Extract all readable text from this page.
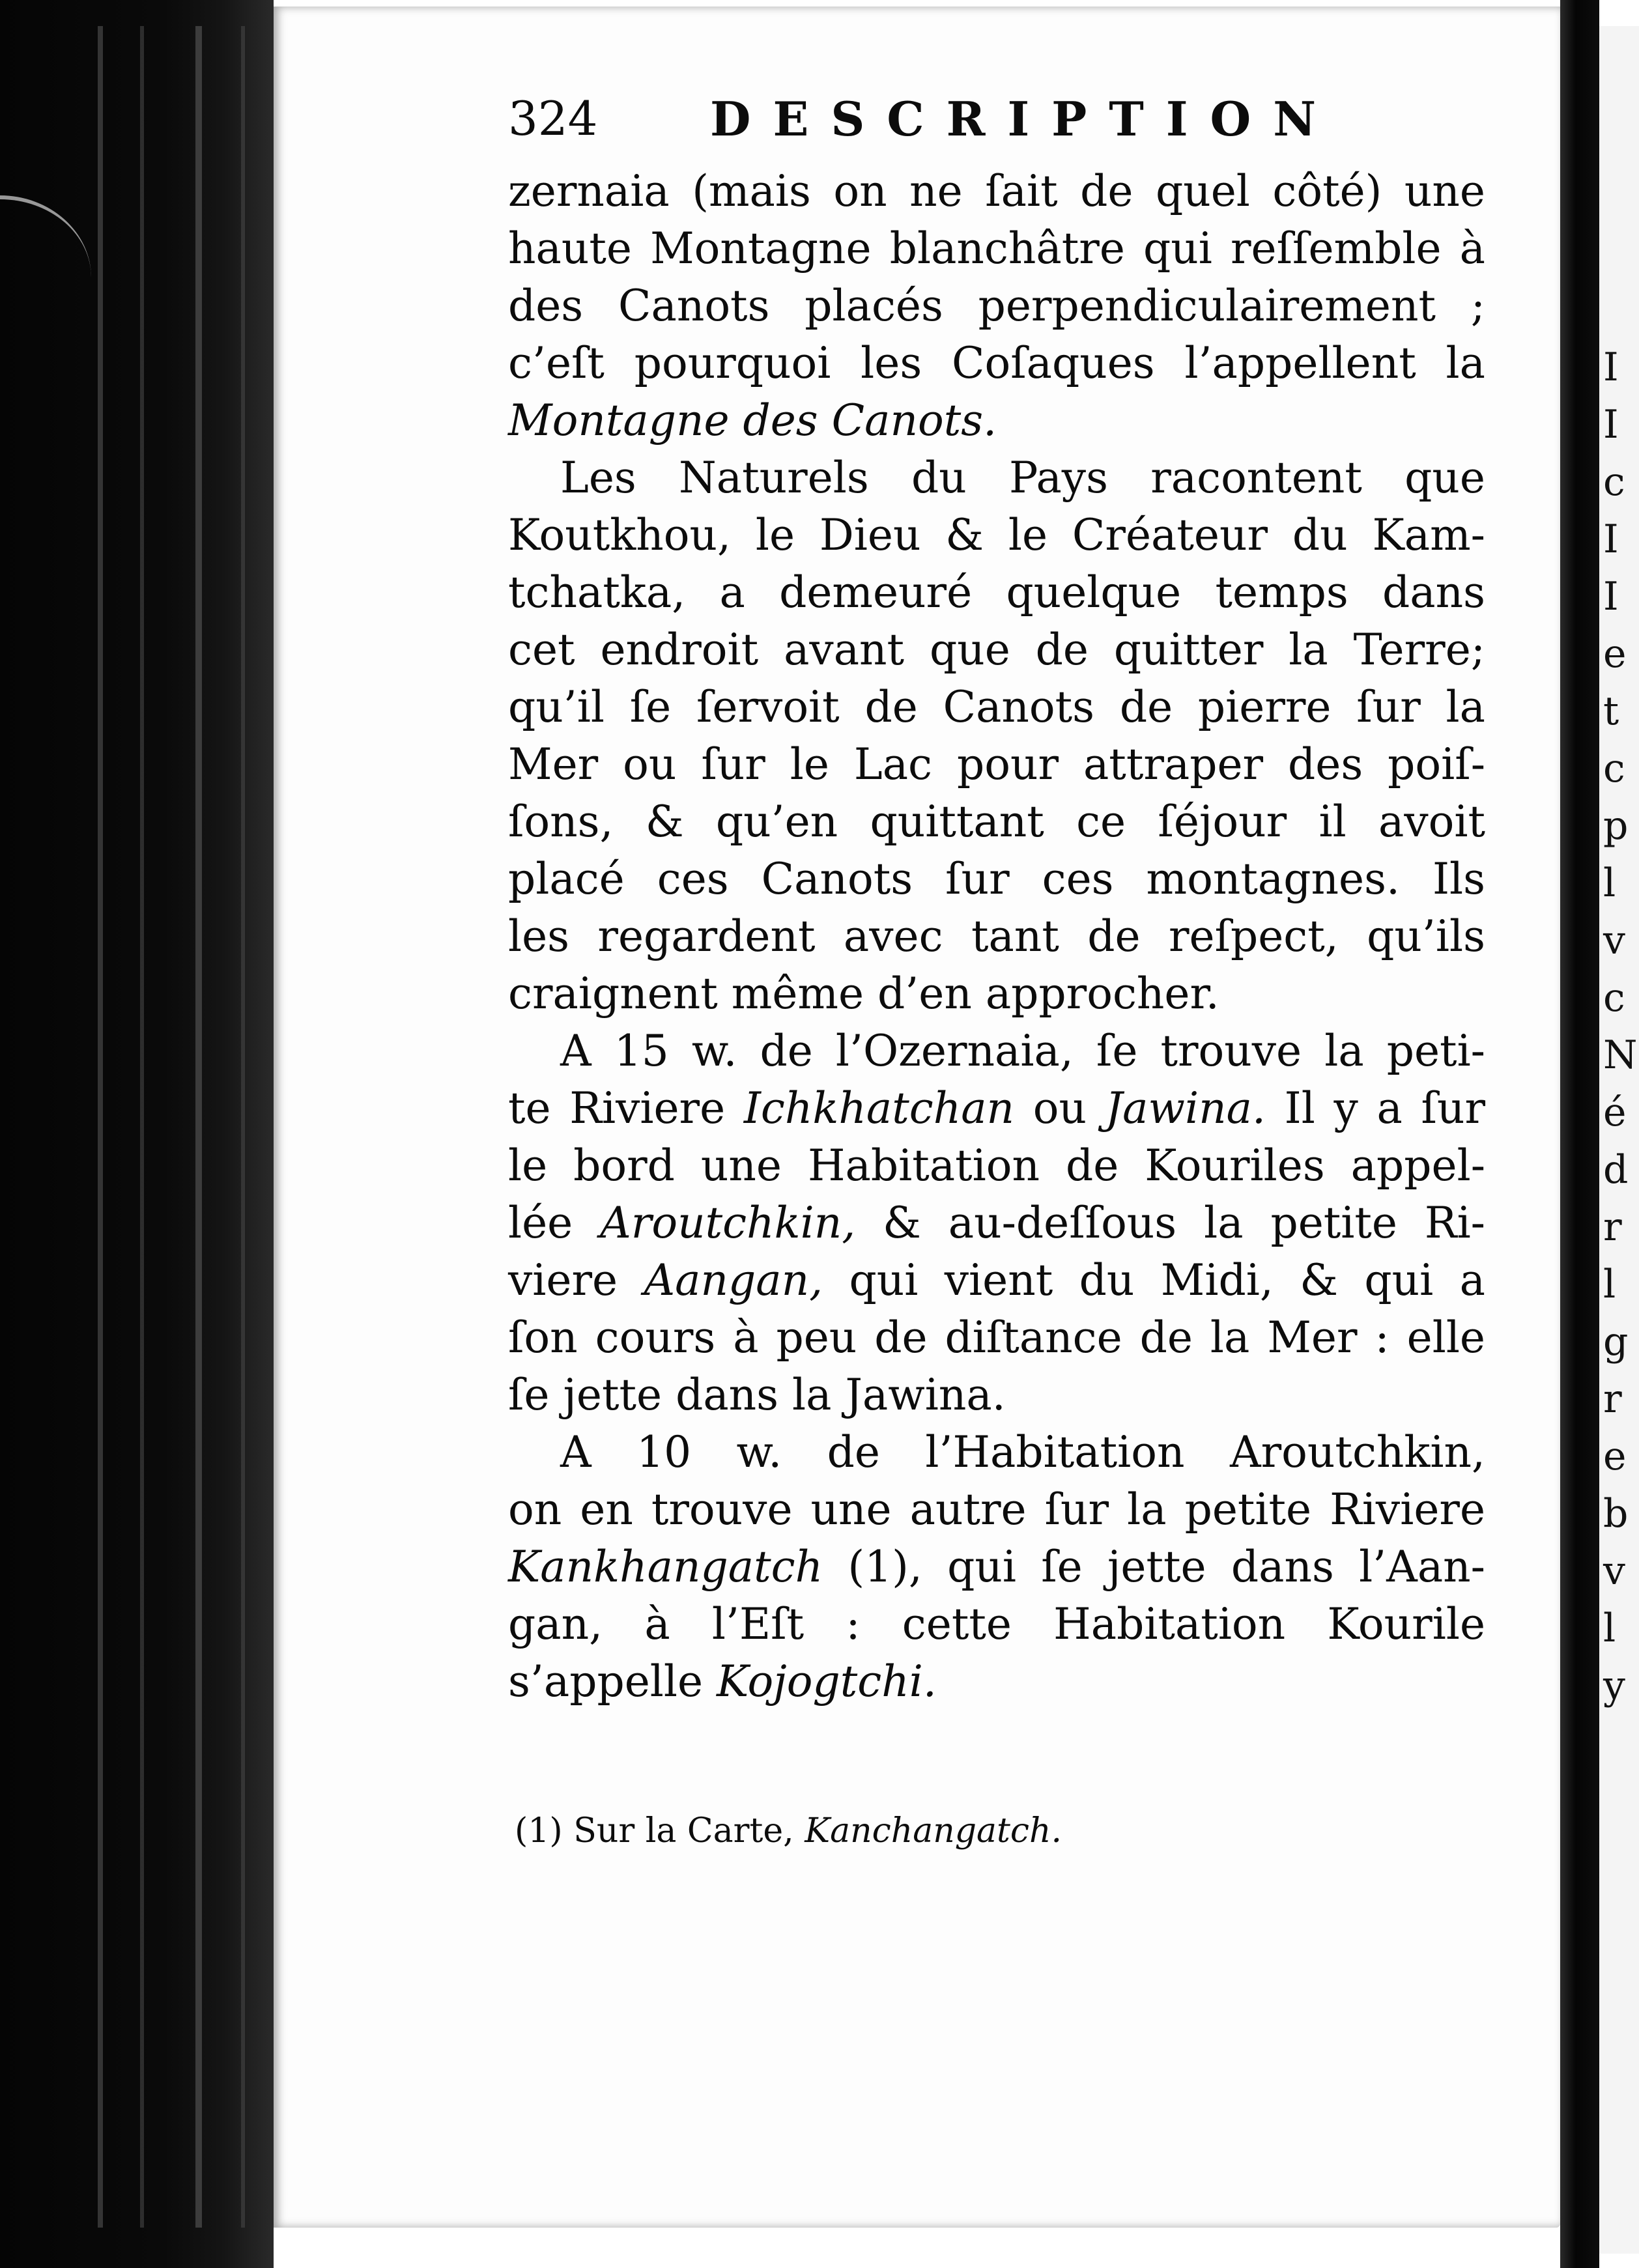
I
I
c
I
I
e
t
c
p
l
v
c
N
é
d
r
l
g
r
e
b
v
l
y
324 DESCRIPTION
zernaia (mais on ne ſait de quel côté) une
haute Montagne blanchâtre qui reſſemble à
des Canots placés perpendiculairement ;
c’eſt pourquoi les Coſaques l’appellent la
Montagne des Canots.
Les Naturels du Pays racontent que
Koutkhou, le Dieu & le Créateur du Kam-
tchatka, a demeuré quelque temps dans
cet endroit avant que de quitter la Terre;
qu’il ſe ſervoit de Canots de pierre ſur la
Mer ou ſur le Lac pour attraper des poiſ-
ſons, & qu’en quittant ce ſéjour il avoit
placé ces Canots ſur ces montagnes. Ils
les regardent avec tant de reſpect, qu’ils
craignent même d’en approcher.
A 15 w. de l’Ozernaia, ſe trouve la peti-
te Riviere Ichkhatchan ou Jawina. Il y a ſur
le bord une Habitation de Kouriles appel-
lée Aroutchkin, & au-deſſous la petite Ri-
viere Aangan, qui vient du Midi, & qui a
ſon cours à peu de diſtance de la Mer : elle
ſe jette dans la Jawina.
A 10 w. de l’Habitation Aroutchkin,
on en trouve une autre ſur la petite Riviere
Kankhangatch (1), qui ſe jette dans l’Aan-
gan, à l’Eſt : cette Habitation Kourile
s’appelle Kojogtchi.
(1) Sur la Carte, Kanchangatch.
